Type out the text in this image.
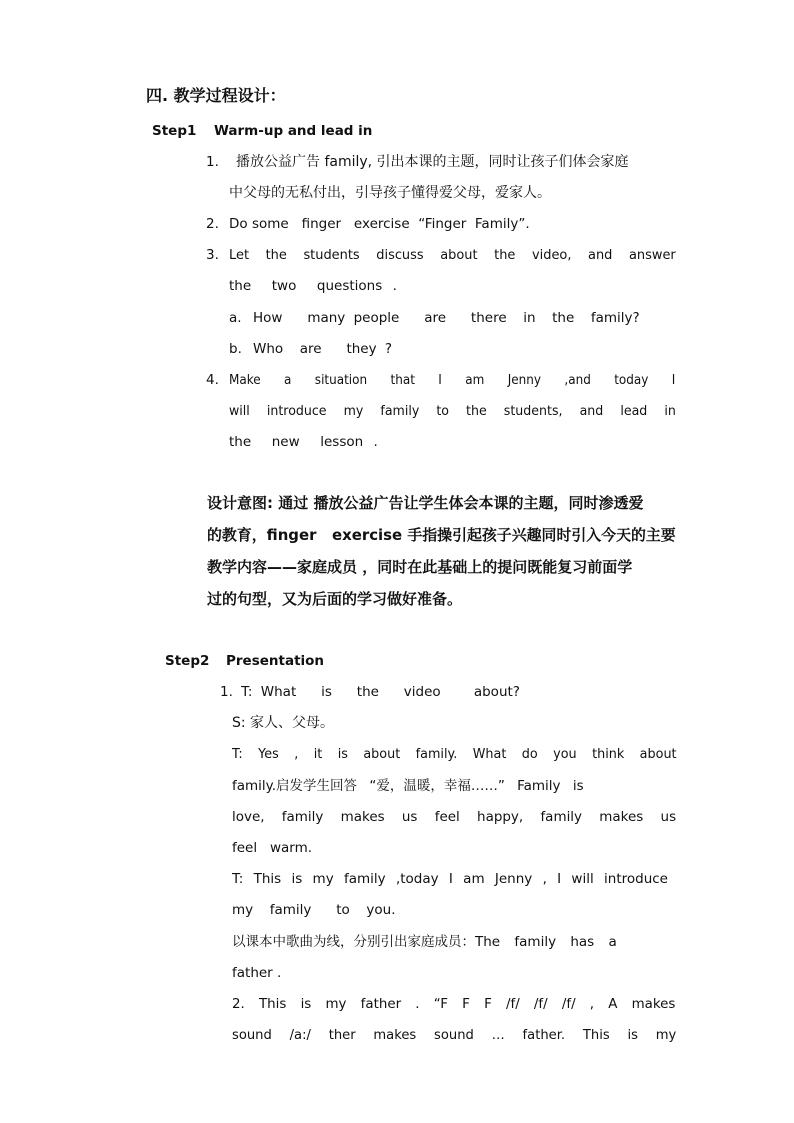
四. 教学过程设计：
Step1 Warm-up and lead in
1. 播放公益广告 family, 引出本课的主题，同时让孩子们体会家庭
中父母的无私付出，引导孩子懂得爱父母，爱家人。
2. Do some   finger   exercise  “Finger  Family”.
3. Let the students discuss about the video, and answer
the  two  questions .
a. How   many people   are   there  in  the  family?
b. Who  are   they ?
4. Make a situation that I am Jenny ,and today I
will introduce my family to the students, and lead in
the  new  lesson .
设计意图: 通过 播放公益广告让学生体会本课的主题，同时渗透爱
的教育，finger   exercise 手指操引起孩子兴趣同时引入今天的主要
教学内容——家庭成员 ，同时在此基础上的提问既能复习前面学
过的句型，又为后面的学习做好准备。
Step2 Presentation
1. T: What   is   the   video    about?
S: 家人、父母。
T: Yes , it is about family. What do you think about
family.启发学生回答 “爱，温暖，幸福……” Family is
love, family makes us feel happy, family makes us
feel   warm.
T: This is my family ,today I am Jenny , I will introduce
my  family   to  you.
以课本中歌曲为线，分别引出家庭成员：The family has a
father .
2. This is my father . “F F F /f/ /f/ /f/ , A makes
sound /a:/ ther makes sound … father. This is my
